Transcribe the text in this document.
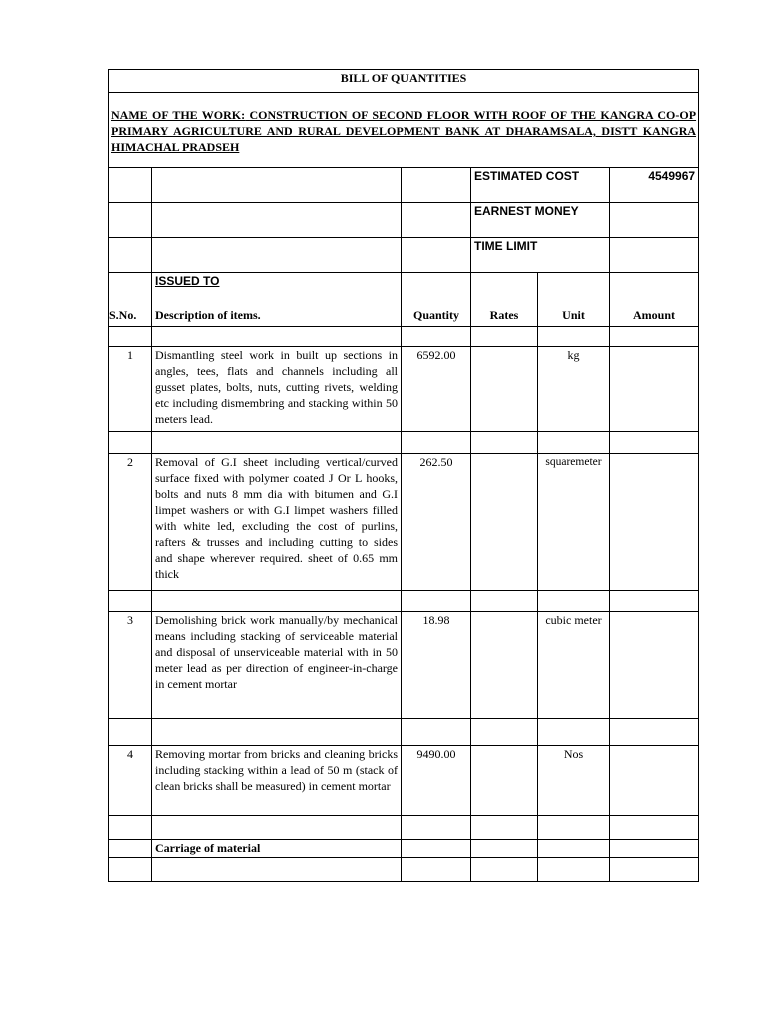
BILL OF QUANTITIES					

NAME OF THE WORK: CONSTRUCTION OF SECOND FLOOR WITH ROOF OF THE KANGRA CO-OP PRIMARY AGRICULTURE AND RURAL DEVELOPMENT BANK AT DHARAMSALA, DISTT KANGRA HIMACHAL PRADSEH					
			ESTIMATED COST		4549967
			EARNEST MONEY		
			TIME LIMIT		
	ISSUED TO				
S.No.	Description of items.	Quantity	Rates	Unit	Amount

1	Dismantling steel work in built up sections in angles, tees, flats and channels including all gusset plates, bolts, nuts, cutting rivets, welding etc including dismembring and stacking within 50 meters lead.	6592.00		kg	

2	Removal of G.I sheet including vertical/curved surface fixed with polymer coated J Or L hooks, bolts and nuts 8 mm dia with bitumen and G.I limpet washers or with G.I limpet washers filled with white led, excluding the cost of purlins, rafters & trusses and including cutting to sides and shape wherever required. sheet of 0.65 mm thick	262.50		squaremeter	

3	Demolishing brick work manually/by mechanical means including stacking of serviceable material and disposal of unserviceable material with in 50 meter lead as per direction of engineer-in-charge in cement mortar	18.98		cubic meter	

4	Removing mortar from bricks and cleaning bricks including stacking within a lead of 50 m (stack of clean bricks shall be measured) in cement mortar	9490.00		Nos	

	Carriage of material				
